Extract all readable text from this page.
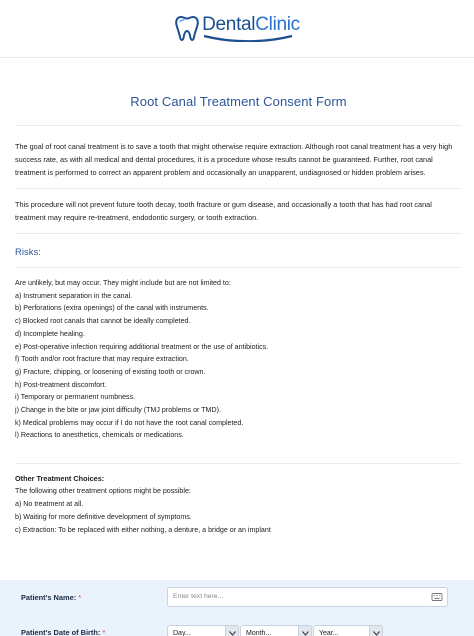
DentalClinic
Root Canal Treatment Consent Form
The goal of root canal treatment is to save a tooth that might otherwise require extraction. Although root canal treatment has a very high success rate, as with all medical and dental procedures, it is a procedure whose results cannot be guaranteed. Further, root canal treatment is performed to correct an apparent problem and occasionally an unapparent, undiagnosed or hidden problem arises.
This procedure will not prevent future tooth decay, tooth fracture or gum disease, and occasionally a tooth that has had root canal treatment may require re-treatment, endodontic surgery, or tooth extraction.
Risks:
Are unlikely, but may occur. They might include but are not limited to:
a) Instrument separation in the canal.
b) Perforations (extra openings) of the canal with instruments.
c) Blocked root canals that cannot be ideally completed.
d) Incomplete healing.
e) Post-operative infection requiring additional treatment or the use of antibiotics.
f) Tooth and/or root fracture that may require extraction.
g) Fracture, chipping, or loosening of existing tooth or crown.
h) Post-treatment discomfort.
i) Temporary or permanent numbness.
j) Change in the bite or jaw joint difficulty (TMJ problems or TMD).
k) Medical problems may occur if I do not have the root canal completed.
l) Reactions to anesthetics, chemicals or medications.
Other Treatment Choices:
The following other treatment options might be possible:
a) No treatment at all.
b) Waiting for more definitive development of symptoms.
c) Extraction: To be replaced with either nothing, a denture, a bridge or an implant
Patient's Name: *	Enter text here...
Patient's Date of Birth: *	Day...	Month...	Year...
